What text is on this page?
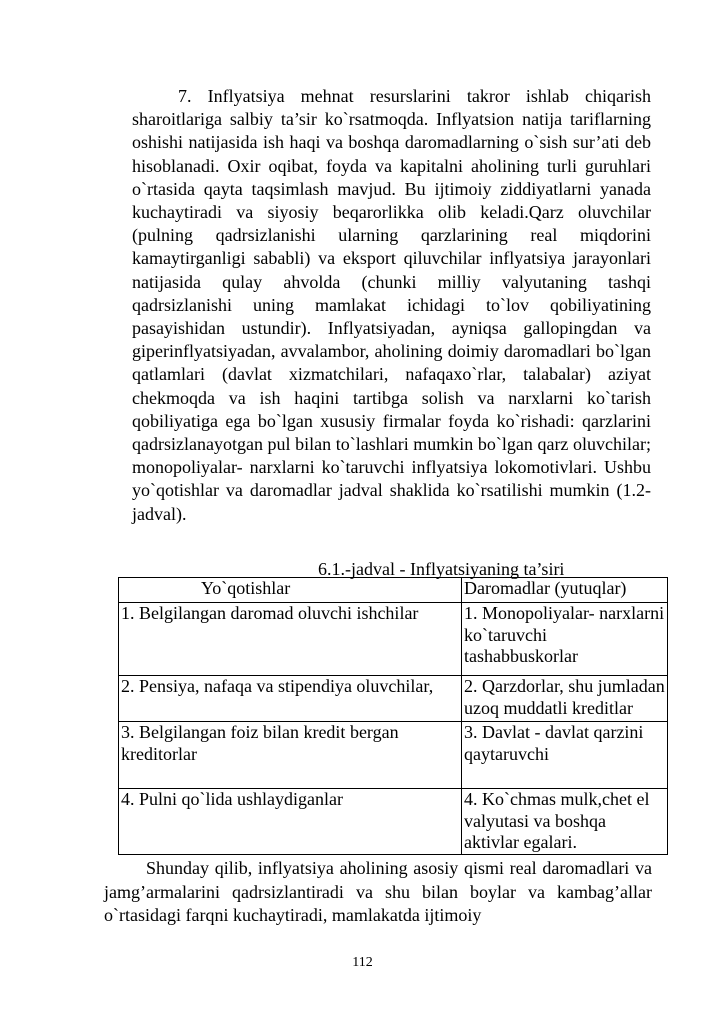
7. Inflyatsiya mehnat resurslarini takror ishlab chiqarish sharoitlariga salbiy ta’sir ko`rsatmoqda. Inflyatsion natija tariflarning oshishi natijasida ish haqi va boshqa daromadlarning o`sish sur’ati deb hisoblanadi. Oxir oqibat, foyda va kapitalni aholining turli guruhlari o`rtasida qayta taqsimlash mavjud. Bu ijtimoiy ziddiyatlarni yanada kuchaytiradi va siyosiy beqarorlikka olib keladi.Qarz oluvchilar (pulning qadrsizlanishi ularning qarzlarining real miqdorini kamaytirganligi sababli) va eksport qiluvchilar inflyatsiya jarayonlari natijasida qulay ahvolda (chunki milliy valyutaning tashqi qadrsizlanishi uning mamlakat ichidagi to`lov qobiliyatining pasayishidan ustundir). Inflyatsiyadan, ayniqsa gallopingdan va giperinflyatsiyadan, avvalambor, aholining doimiy daromadlari bo`lgan qatlamlari (davlat xizmatchilari, nafaqaxo`rlar, talabalar) aziyat chekmoqda va ish haqini tartibga solish va narxlarni ko`tarish qobiliyatiga ega bo`lgan xususiy firmalar foyda ko`rishadi: qarzlarini qadrsizlanayotgan pul bilan to`lashlari mumkin bo`lgan qarz oluvchilar; monopoliyalar- narxlarni ko`taruvchi inflyatsiya lokomotivlari. Ushbu yo`qotishlar va daromadlar jadval shaklida ko`rsatilishi mumkin (1.2-jadval).

6.1.-jadval - Inflyatsiyaning ta’siri

Yo`qotishlar	Daromadlar (yutuqlar)
1. Belgilangan daromad oluvchi ishchilar	1. Monopoliyalar- narxlarni ko`taruvchi tashabbuskorlar
2. Pensiya, nafaqa va stipendiya oluvchilar,	2. Qarzdorlar, shu jumladan uzoq muddatli kreditlar
3. Belgilangan foiz bilan kredit bergan kreditorlar	3. Davlat - davlat qarzini qaytaruvchi
4. Pulni qo`lida ushlaydiganlar	4. Ko`chmas mulk,chet el valyutasi va boshqa aktivlar egalari.

Shunday qilib, inflyatsiya aholining asosiy qismi real daromadlari va jamg’armalarini qadrsizlantiradi va shu bilan boylar va kambag’allar o`rtasidagi farqni kuchaytiradi, mamlakatda ijtimoiy

112
